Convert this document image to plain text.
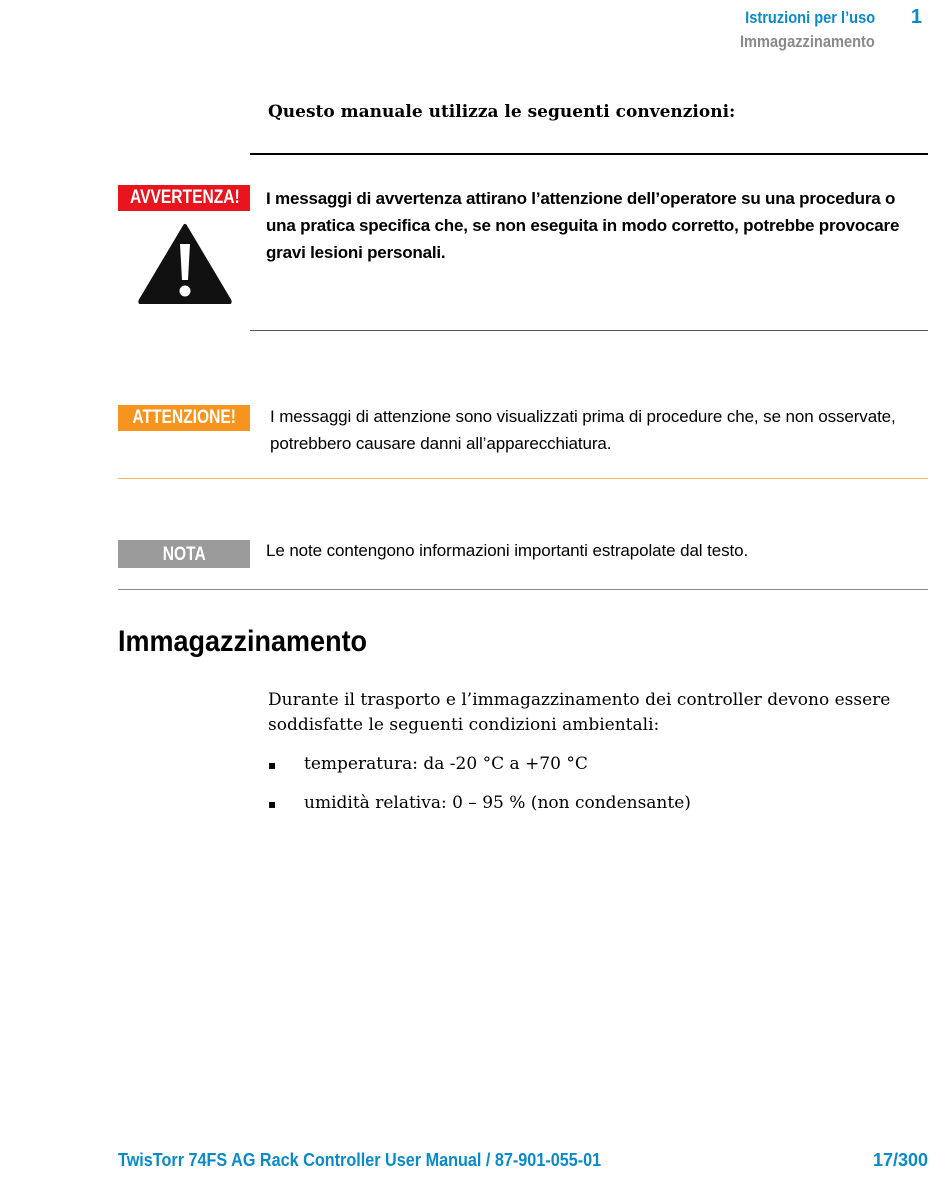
Istruzioni per l’uso
Immagazzinamento
1
Questo manuale utilizza le seguenti convenzioni:
AVVERTENZA!	I messaggi di avvertenza attirano l’attenzione dell’operatore su una procedura o una pratica specifica che, se non eseguita in modo corretto, potrebbe provocare gravi lesioni personali.
ATTENZIONE!	I messaggi di attenzione sono visualizzati prima di procedure che, se non osservate, potrebbero causare danni all’apparecchiatura.
NOTA	Le note contengono informazioni importanti estrapolate dal testo.
Immagazzinamento
Durante il trasporto e l’immagazzinamento dei controller devono essere soddisfatte le seguenti condizioni ambientali:
▪	temperatura: da -20 °C a +70 °C
▪	umidità relativa: 0 – 95 % (non condensante)
TwisTorr 74FS AG Rack Controller User Manual / 87-901-055-01	17/300
